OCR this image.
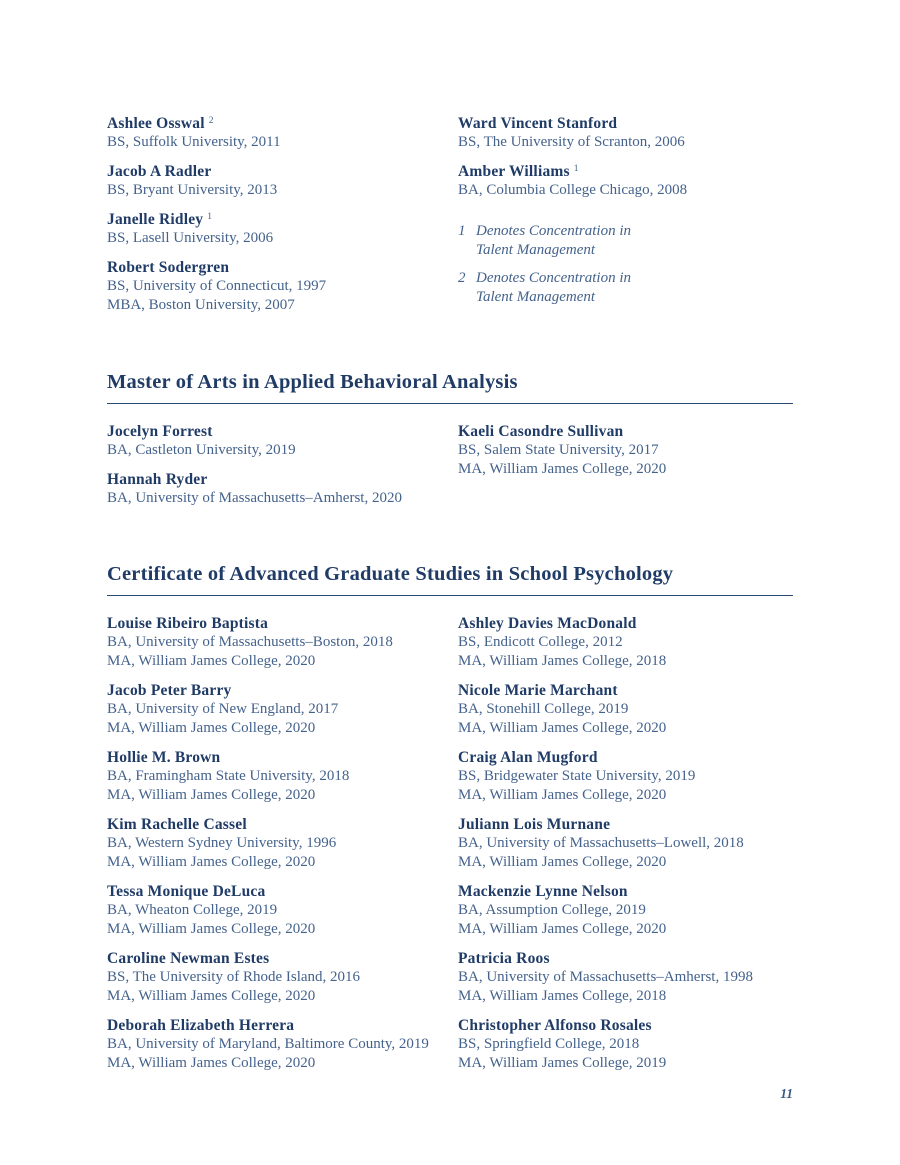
Ashlee Osswal $^2$
BS, Suffolk University, 2011
Jacob A Radler
BS, Bryant University, 2013
Janelle Ridley $^1$
BS, Lasell University, 2006
Robert Sodergren
BS, University of Connecticut, 1997
MBA, Boston University, 2007
Ward Vincent Stanford
BS, The University of Scranton, 2006
Amber Williams $^1$
BA, Columbia College Chicago, 2008
1 Denotes Concentration in
Talent Management
2 Denotes Concentration in
Talent Management
Master of Arts in Applied Behavioral Analysis
Jocelyn Forrest
BA, Castleton University, 2019
Hannah Ryder
BA, University of Massachusetts–Amherst, 2020
Kaeli Casondre Sullivan
BS, Salem State University, 2017
MA, William James College, 2020
Certificate of Advanced Graduate Studies in School Psychology
Louise Ribeiro Baptista
BA, University of Massachusetts–Boston, 2018
MA, William James College, 2020
Jacob Peter Barry
BA, University of New England, 2017
MA, William James College, 2020
Hollie M. Brown
BA, Framingham State University, 2018
MA, William James College, 2020
Kim Rachelle Cassel
BA, Western Sydney University, 1996
MA, William James College, 2020
Tessa Monique DeLuca
BA, Wheaton College, 2019
MA, William James College, 2020
Caroline Newman Estes
BS, The University of Rhode Island, 2016
MA, William James College, 2020
Deborah Elizabeth Herrera
BA, University of Maryland, Baltimore County, 2019
MA, William James College, 2020
Ashley Davies MacDonald
BS, Endicott College, 2012
MA, William James College, 2018
Nicole Marie Marchant
BA, Stonehill College, 2019
MA, William James College, 2020
Craig Alan Mugford
BS, Bridgewater State University, 2019
MA, William James College, 2020
Juliann Lois Murnane
BA, University of Massachusetts–Lowell, 2018
MA, William James College, 2020
Mackenzie Lynne Nelson
BA, Assumption College, 2019
MA, William James College, 2020
Patricia Roos
BA, University of Massachusetts–Amherst, 1998
MA, William James College, 2018
Christopher Alfonso Rosales
BS, Springfield College, 2018
MA, William James College, 2019
11
